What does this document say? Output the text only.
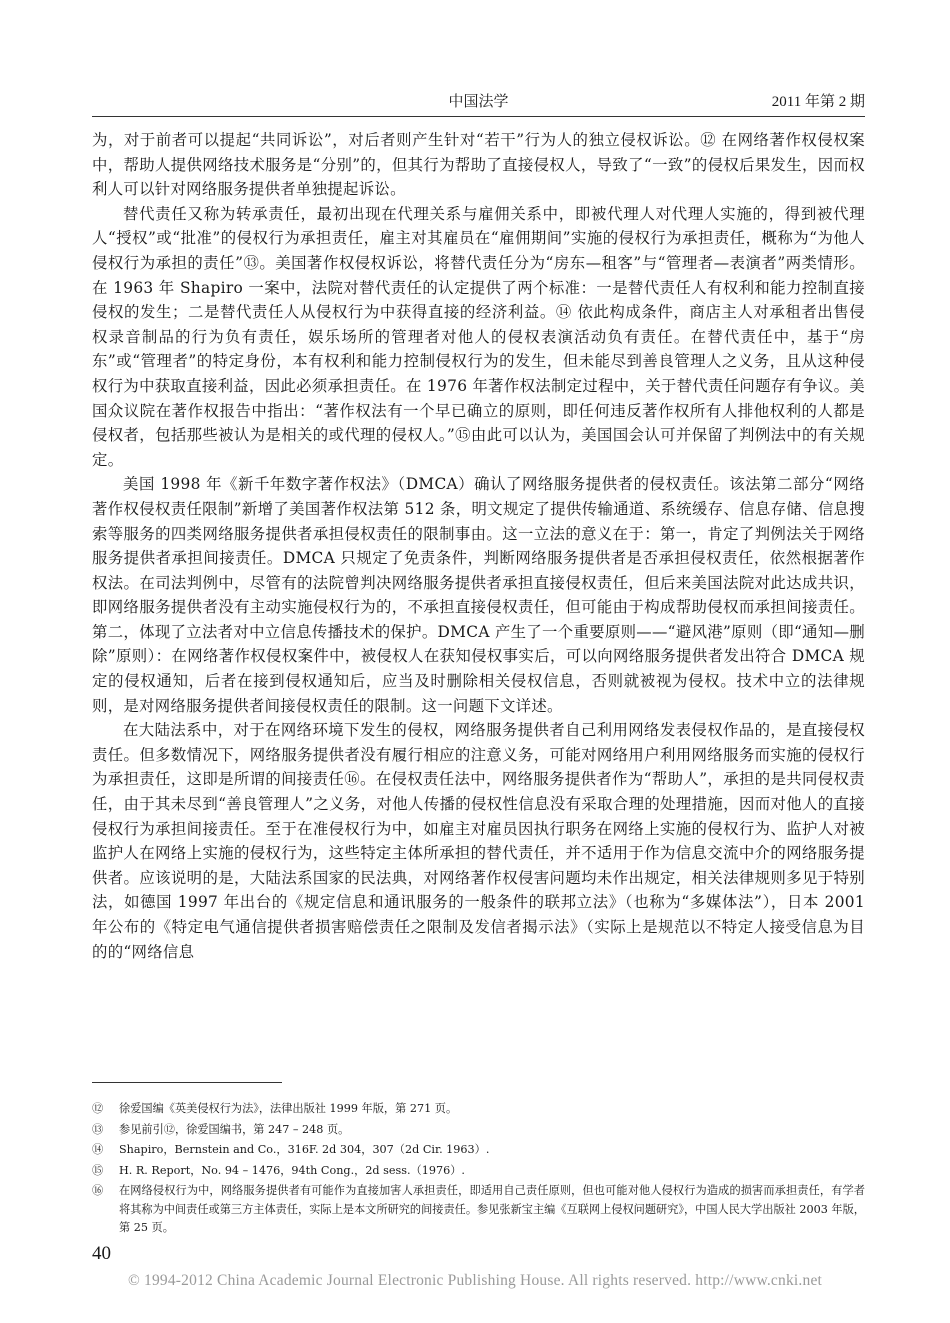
中国法学	2011 年第 2 期

为，对于前者可以提起“共同诉讼”，对后者则产生针对“若干”行为人的独立侵权诉讼。⑫ 在网络著作权侵权案中，帮助人提供网络技术服务是“分别”的，但其行为帮助了直接侵权人，导致了“一致”的侵权后果发生，因而权利人可以针对网络服务提供者单独提起诉讼。

替代责任又称为转承责任，最初出现在代理关系与雇佣关系中，即被代理人对代理人实施的，得到被代理人“授权”或“批准”的侵权行为承担责任，雇主对其雇员在“雇佣期间”实施的侵权行为承担责任，概称为“为他人侵权行为承担的责任”⑬。美国著作权侵权诉讼，将替代责任分为“房东—租客”与“管理者—表演者”两类情形。在 1963 年 Shapiro 一案中，法院对替代责任的认定提供了两个标准：一是替代责任人有权利和能力控制直接侵权的发生；二是替代责任人从侵权行为中获得直接的经济利益。⑭ 依此构成条件，商店主人对承租者出售侵权录音制品的行为负有责任，娱乐场所的管理者对他人的侵权表演活动负有责任。在替代责任中，基于“房东”或“管理者”的特定身份，本有权利和能力控制侵权行为的发生，但未能尽到善良管理人之义务，且从这种侵权行为中获取直接利益，因此必须承担责任。在 1976 年著作权法制定过程中，关于替代责任问题存有争议。美国众议院在著作权报告中指出：“著作权法有一个早已确立的原则，即任何违反著作权所有人排他权利的人都是侵权者，包括那些被认为是相关的或代理的侵权人。”⑮由此可以认为，美国国会认可并保留了判例法中的有关规定。

美国 1998 年《新千年数字著作权法》（DMCA）确认了网络服务提供者的侵权责任。该法第二部分“网络著作权侵权责任限制”新增了美国著作权法第 512 条，明文规定了提供传输通道、系统缓存、信息存储、信息搜索等服务的四类网络服务提供者承担侵权责任的限制事由。这一立法的意义在于：第一，肯定了判例法关于网络服务提供者承担间接责任。DMCA 只规定了免责条件，判断网络服务提供者是否承担侵权责任，依然根据著作权法。在司法判例中，尽管有的法院曾判决网络服务提供者承担直接侵权责任，但后来美国法院对此达成共识，即网络服务提供者没有主动实施侵权行为的，不承担直接侵权责任，但可能由于构成帮助侵权而承担间接责任。第二，体现了立法者对中立信息传播技术的保护。DMCA 产生了一个重要原则——“避风港”原则（即“通知—删除”原则）：在网络著作权侵权案件中，被侵权人在获知侵权事实后，可以向网络服务提供者发出符合 DMCA 规定的侵权通知，后者在接到侵权通知后，应当及时删除相关侵权信息，否则就被视为侵权。技术中立的法律规则，是对网络服务提供者间接侵权责任的限制。这一问题下文详述。

在大陆法系中，对于在网络环境下发生的侵权，网络服务提供者自己利用网络发表侵权作品的，是直接侵权责任。但多数情况下，网络服务提供者没有履行相应的注意义务，可能对网络用户利用网络服务而实施的侵权行为承担责任，这即是所谓的间接责任⑯。在侵权责任法中，网络服务提供者作为“帮助人”，承担的是共同侵权责任，由于其未尽到“善良管理人”之义务，对他人传播的侵权性信息没有采取合理的处理措施，因而对他人的直接侵权行为承担间接责任。至于在准侵权行为中，如雇主对雇员因执行职务在网络上实施的侵权行为、监护人对被监护人在网络上实施的侵权行为，这些特定主体所承担的替代责任，并不适用于作为信息交流中介的网络服务提供者。应该说明的是，大陆法系国家的民法典，对网络著作权侵害问题均未作出规定，相关法律规则多见于特别法，如德国 1997 年出台的《规定信息和通讯服务的一般条件的联邦立法》（也称为“多媒体法”），日本 2001 年公布的《特定电气通信提供者损害赔偿责任之限制及发信者揭示法》（实际上是规范以不特定人接受信息为目的的“网络信息

⑫	徐爱国编《英美侵权行为法》，法律出版社 1999 年版，第 271 页。
⑬	参见前引⑫，徐爱国编书，第 247 – 248 页。
⑭	Shapiro，Bernstein and Co.，316F. 2d 304，307（2d Cir. 1963）.
⑮	H. R. Report，No. 94 – 1476，94th Cong.，2d sess.（1976）.
⑯	在网络侵权行为中，网络服务提供者有可能作为直接加害人承担责任，即适用自己责任原则，但也可能对他人侵权行为造成的损害而承担责任，有学者将其称为中间责任或第三方主体责任，实际上是本文所研究的间接责任。参见张新宝主编《互联网上侵权问题研究》，中国人民大学出版社 2003 年版，第 25 页。
40
© 1994-2012 China Academic Journal Electronic Publishing House. All rights reserved. http://www.cnki.net
